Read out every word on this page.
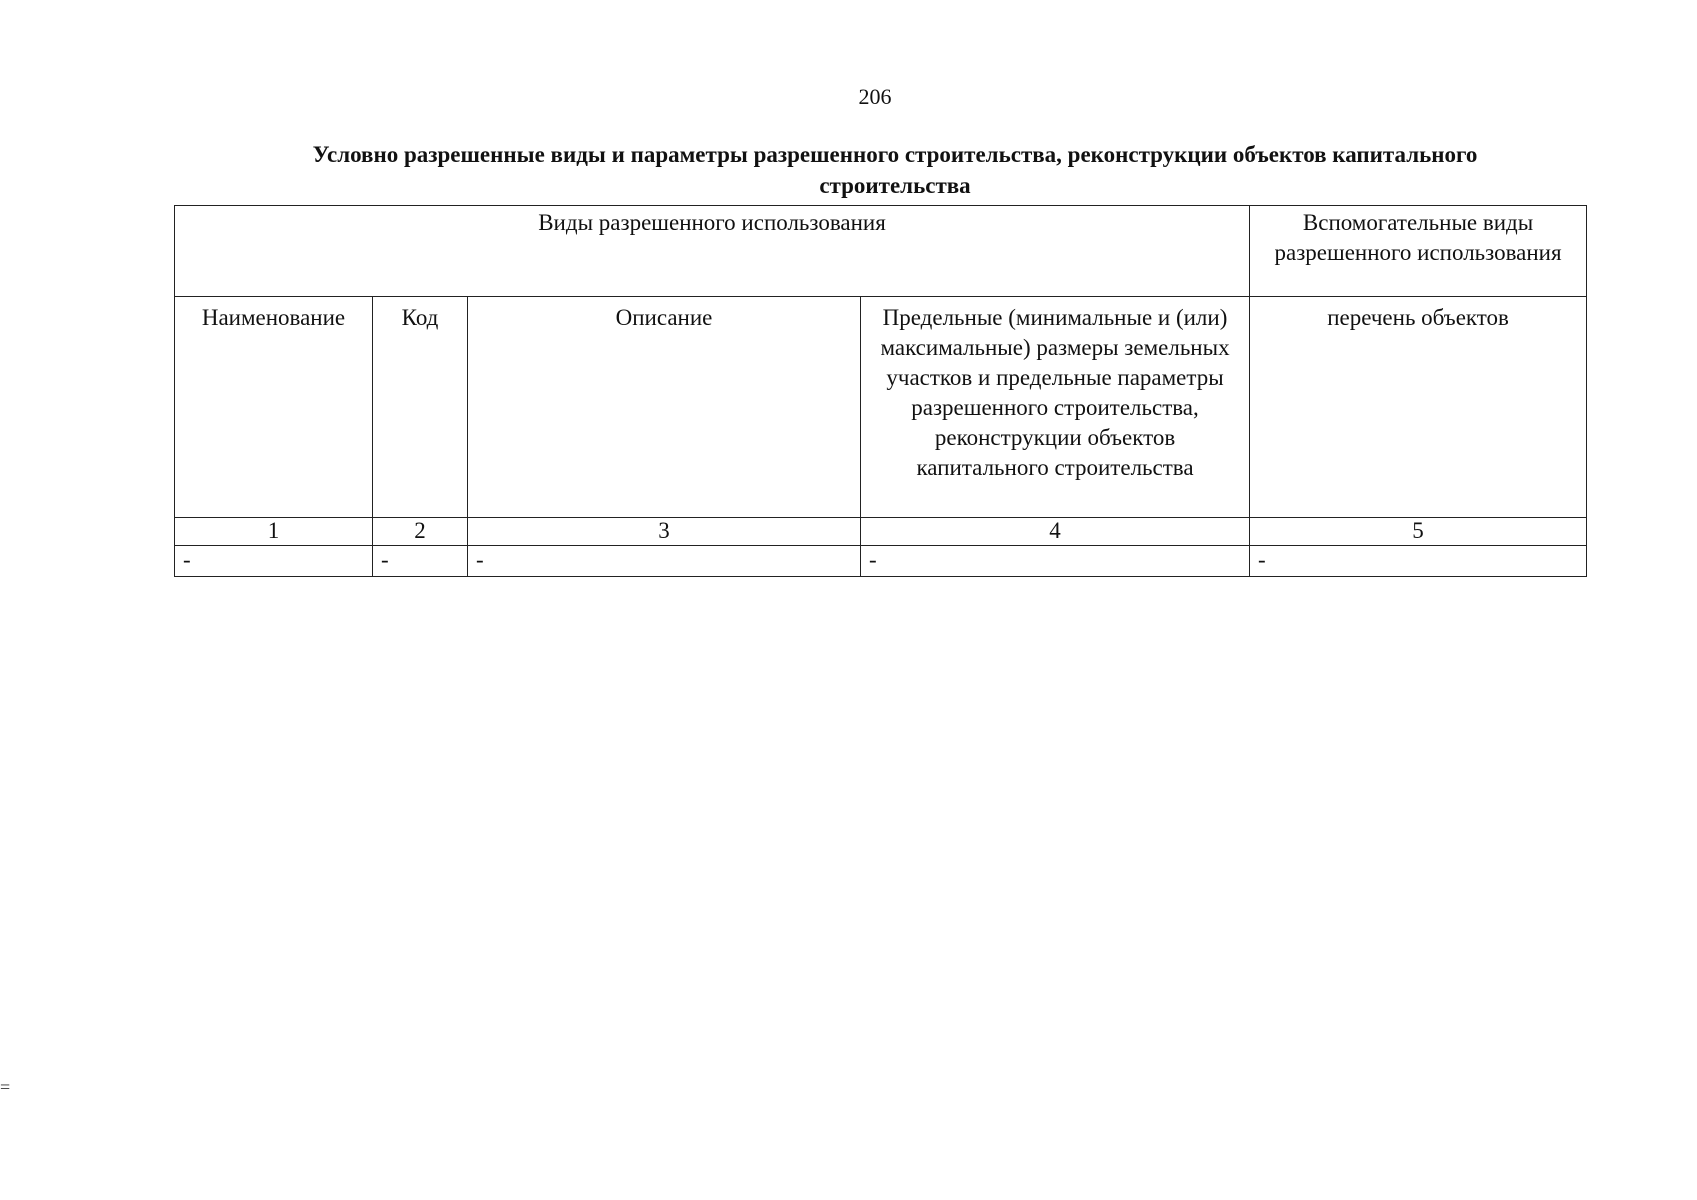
206
Условно разрешенные виды и параметры разрешенного строительства, реконструкции объектов капитального строительства
Виды разрешенного использования				Вспомогательные виды разрешенного использования
Наименование	Код	Описание	Предельные (минимальные и (или) максимальные) размеры земельных участков и предельные параметры разрешенного строительства, реконструкции объектов капитального строительства	перечень объектов
1	2	3	4	5
-	-	-	-	-
=
